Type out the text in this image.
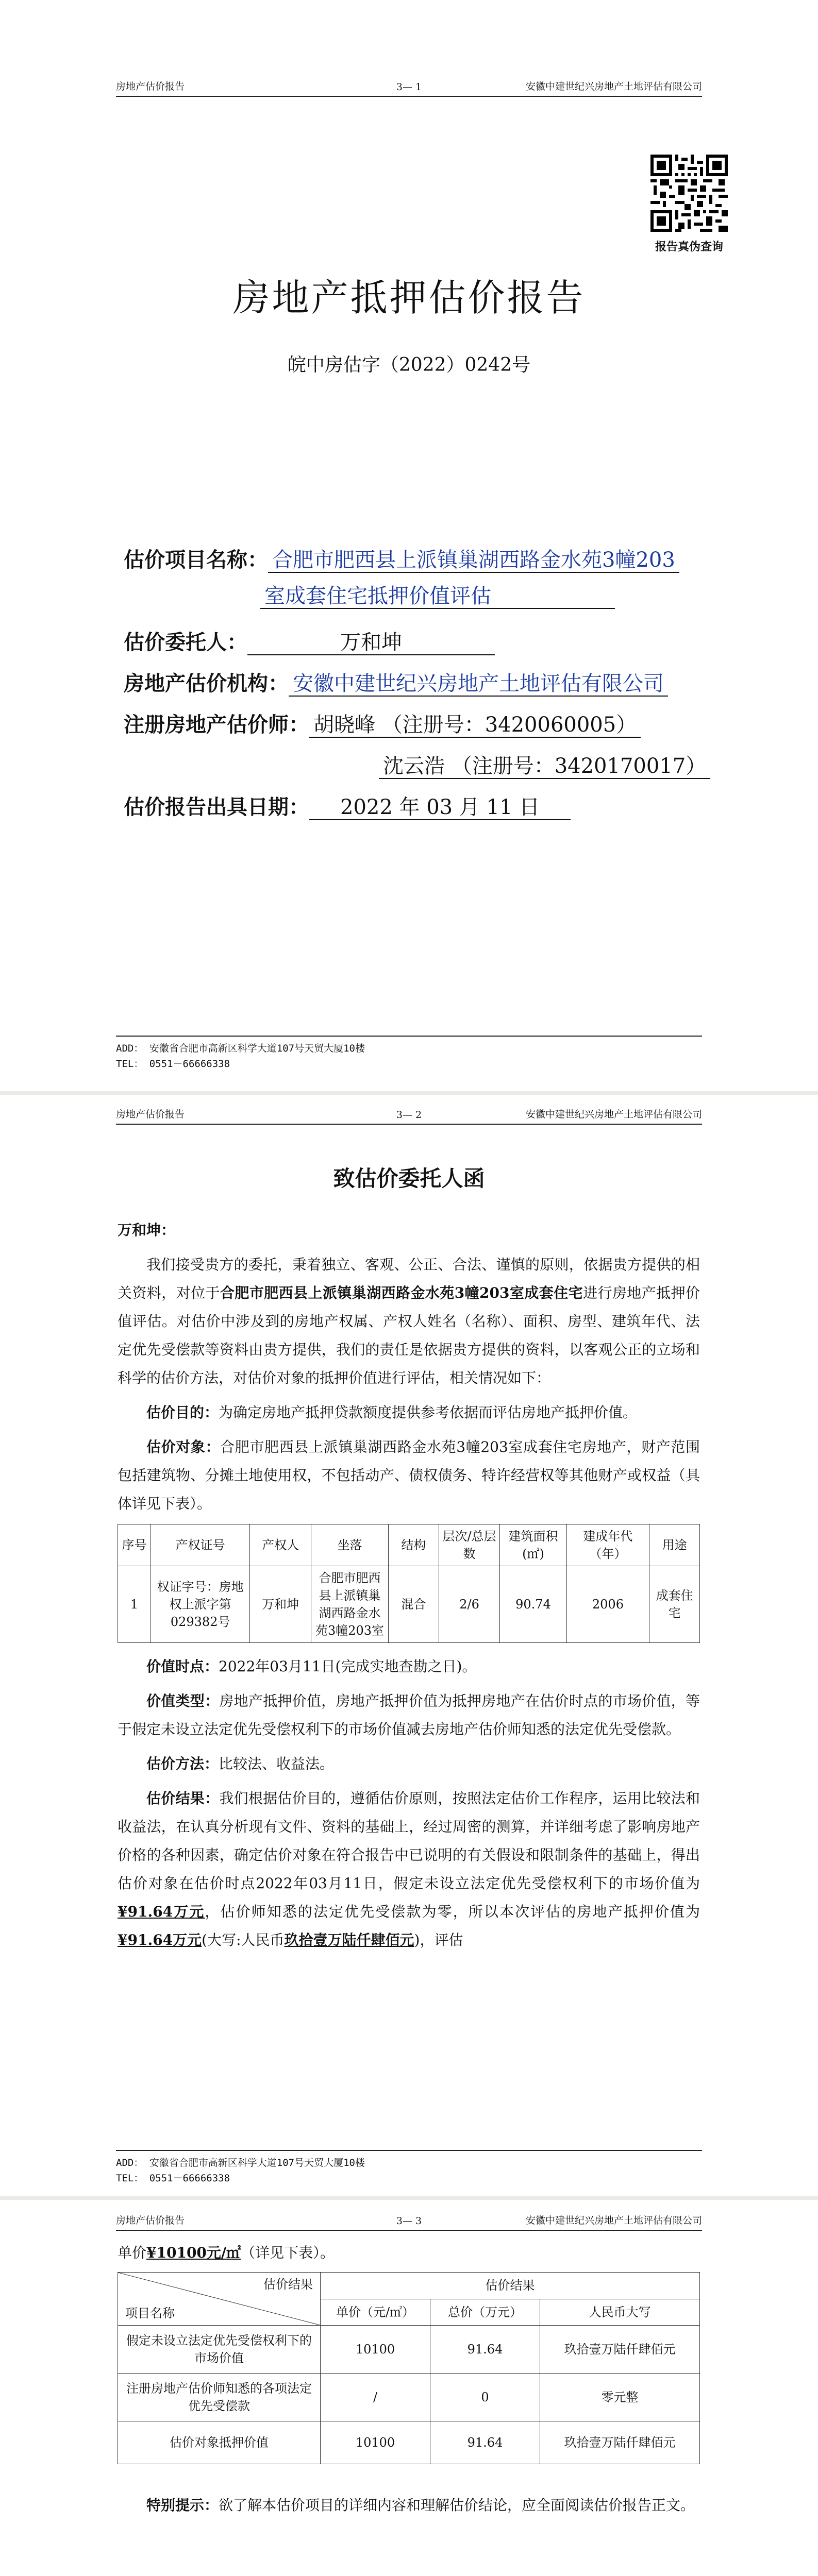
房地产估价报告	3— 1	安徽中建世纪兴房地产土地评估有限公司
报告真伪查询
房地产抵押估价报告
皖中房估字（2022）0242号
估价项目名称： 合肥市肥西县上派镇巢湖西路金水苑3幢203
室成套住宅抵押价值评估
估价委托人：	万和坤
房地产估价机构： 安徽中建世纪兴房地产土地评估有限公司
注册房地产估价师： 胡晓峰 （注册号：3420060005）
沈云浩 （注册号：3420170017）
估价报告出具日期： 2022 年 03 月 11 日
ADD： 安徽省合肥市高新区科学大道107号天贸大厦10楼
TEL： 0551－66666338
房地产估价报告	3— 2	安徽中建世纪兴房地产土地评估有限公司
致估价委托人函

万和坤：

我们接受贵方的委托，秉着独立、客观、公正、合法、谨慎的原则，依据贵方提供的相关资料，对位于合肥市肥西县上派镇巢湖西路金水苑3幢203室成套住宅进行房地产抵押价值评估。对估价中涉及到的房地产权属、产权人姓名（名称）、面积、房型、建筑年代、法定优先受偿款等资料由贵方提供，我们的责任是依据贵方提供的资料，以客观公正的立场和科学的估价方法，对估价对象的抵押价值进行评估，相关情况如下：

估价目的：为确定房地产抵押贷款额度提供参考依据而评估房地产抵押价值。

估价对象：合肥市肥西县上派镇巢湖西路金水苑3幢203室成套住宅房地产，财产范围包括建筑物、分摊土地使用权，不包括动产、债权债务、特许经营权等其他财产或权益（具体详见下表）。

序号	产权证号	产权人	坐落	结构	层次/总层数	建筑面积(㎡)	建成年代（年）	用途
1	权证字号：房地权上派字第029382号	万和坤	合肥市肥西县上派镇巢湖西路金水苑3幢203室	混合	2/6	90.74	2006	成套住宅

价值时点：2022年03月11日(完成实地查勘之日)。

价值类型：房地产抵押价值，房地产抵押价值为抵押房地产在估价时点的市场价值，等于假定未设立法定优先受偿权利下的市场价值减去房地产估价师知悉的法定优先受偿款。

估价方法：比较法、收益法。

估价结果：我们根据估价目的，遵循估价原则，按照法定估价工作程序，运用比较法和收益法，在认真分析现有文件、资料的基础上，经过周密的测算，并详细考虑了影响房地产价格的各种因素，确定估价对象在符合报告中已说明的有关假设和限制条件的基础上，得出估价对象在估价时点2022年03月11日，假定未设立法定优先受偿权利下的市场价值为¥91.64万元，估价师知悉的法定优先受偿款为零，所以本次评估的房地产抵押价值为¥91.64万元(大写:人民币玖拾壹万陆仟肆佰元)，评估

ADD： 安徽省合肥市高新区科学大道107号天贸大厦10楼
TEL： 0551－66666338
房地产估价报告	3— 3	安徽中建世纪兴房地产土地评估有限公司

单价¥10100元/㎡（详见下表）。

估价结果
项目名称	估价结果		
	单价（元/㎡）	总价（万元）	人民币大写
假定未设立法定优先受偿权利下的市场价值	10100	91.64	玖拾壹万陆仟肆佰元
注册房地产估价师知悉的各项法定优先受偿款	/	0	零元整
估价对象抵押价值	10100	91.64	玖拾壹万陆仟肆佰元

特别提示：欲了解本估价项目的详细内容和理解估价结论，应全面阅读估价报告正文。
